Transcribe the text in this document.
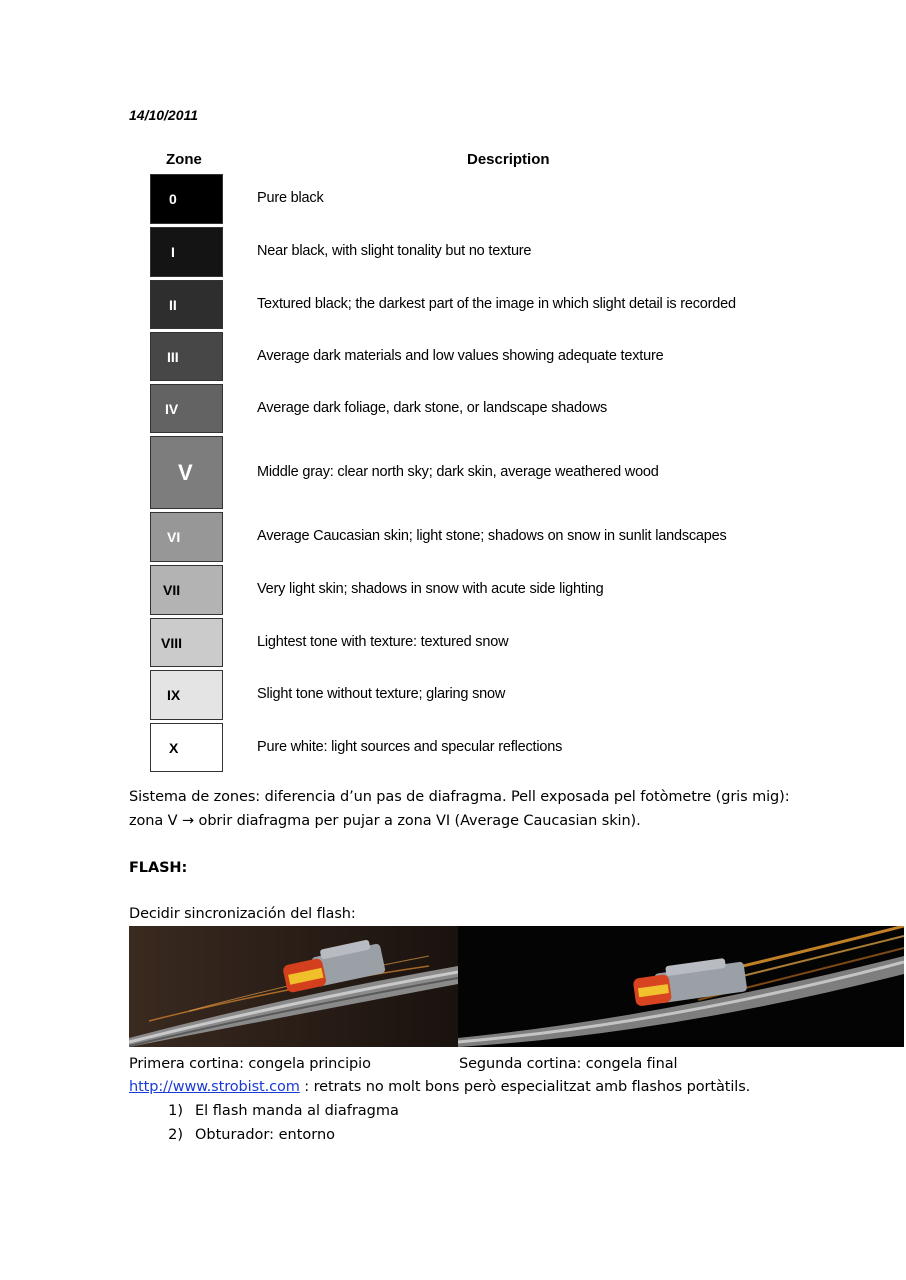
14/10/2011
Zone	Description
0	Pure black
I	Near black, with slight tonality but no texture
II	Textured black; the darkest part of the image in which slight detail is recorded
III	Average dark materials and low values showing adequate texture
IV	Average dark foliage, dark stone, or landscape shadows
V	Middle gray: clear north sky; dark skin, average weathered wood
VI	Average Caucasian skin; light stone; shadows on snow in sunlit landscapes
VII	Very light skin; shadows in snow with acute side lighting
VIII	Lightest tone with texture: textured snow
IX	Slight tone without texture; glaring snow
X	Pure white: light sources and specular reflections
Sistema de zones: diferencia d’un pas de diafragma. Pell exposada pel fotòmetre (gris mig):
zona V → obrir diafragma per pujar a zona VI (Average Caucasian skin).
FLASH:
Decidir sincronización del flash:
Primera cortina: congela principio	Segunda cortina: congela final
http://www.strobist.com : retrats no molt bons però especialitzat amb flashos portàtils.
1) El flash manda al diafragma
2) Obturador: entorno
